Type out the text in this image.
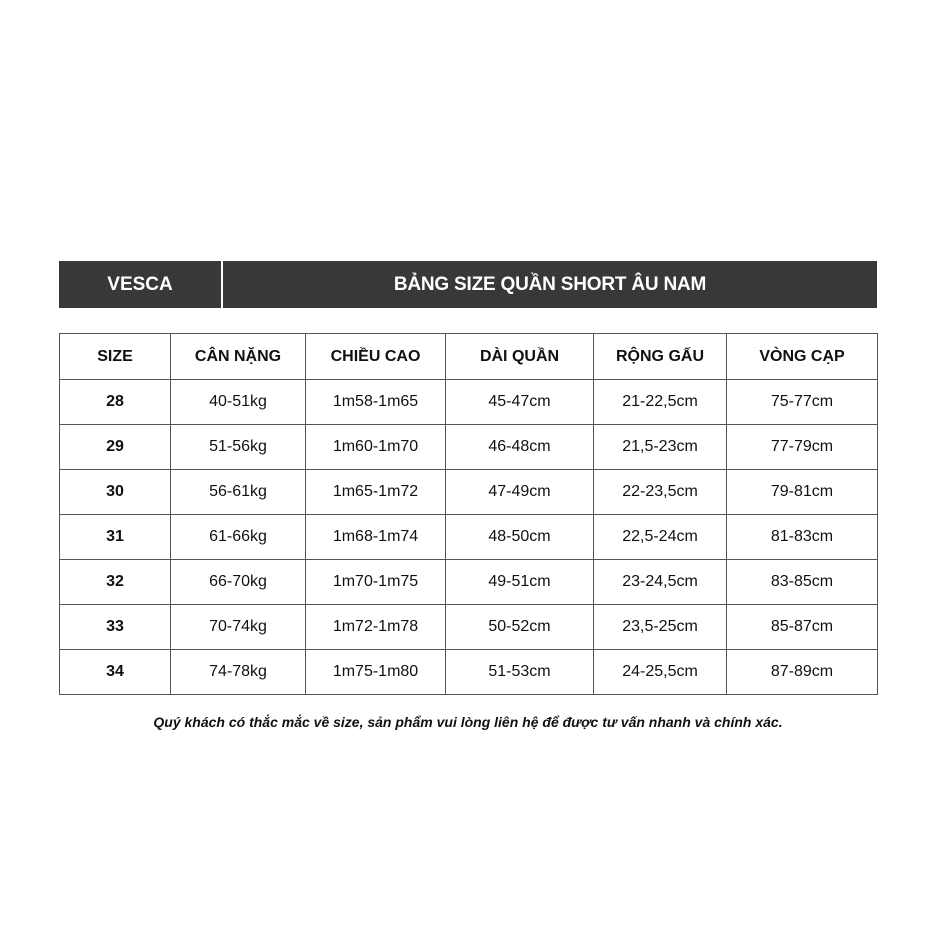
VESCA	BẢNG SIZE QUẦN SHORT ÂU NAM
SIZE	CÂN NẶNG	CHIỀU CAO	DÀI QUẦN	RỘNG GẤU	VÒNG CẠP
28	40-51kg	1m58-1m65	45-47cm	21-22,5cm	75-77cm
29	51-56kg	1m60-1m70	46-48cm	21,5-23cm	77-79cm
30	56-61kg	1m65-1m72	47-49cm	22-23,5cm	79-81cm
31	61-66kg	1m68-1m74	48-50cm	22,5-24cm	81-83cm
32	66-70kg	1m70-1m75	49-51cm	23-24,5cm	83-85cm
33	70-74kg	1m72-1m78	50-52cm	23,5-25cm	85-87cm
34	74-78kg	1m75-1m80	51-53cm	24-25,5cm	87-89cm
Quý khách có thắc mắc về size, sản phẩm vui lòng liên hệ để được tư vấn nhanh và chính xác.
